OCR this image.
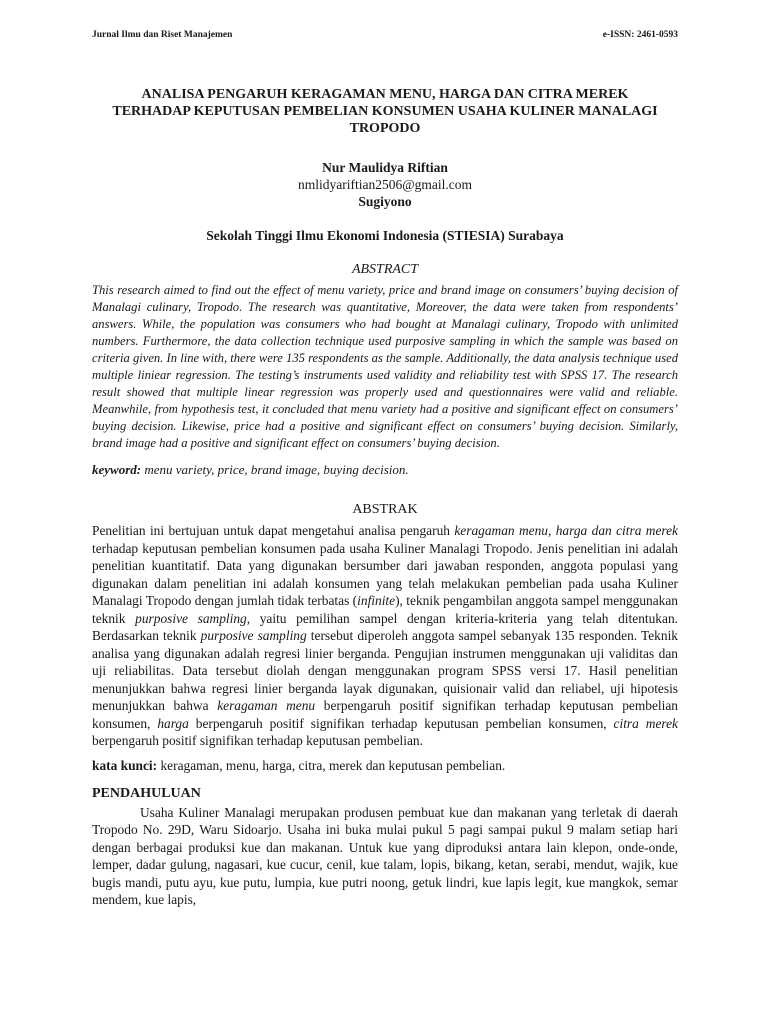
Jurnal Ilmu dan Riset Manajemen	e-ISSN: 2461-0593
ANALISA PENGARUH KERAGAMAN MENU, HARGA DAN CITRA MEREK
TERHADAP KEPUTUSAN PEMBELIAN KONSUMEN USAHA KULINER MANALAGI
TROPODO
Nur Maulidya Riftian
nmlidyariftian2506@gmail.com
Sugiyono
Sekolah Tinggi Ilmu Ekonomi Indonesia (STIESIA) Surabaya
ABSTRACT

This research aimed to find out the effect of menu variety, price and brand image on consumers’ buying decision of Manalagi culinary, Tropodo. The research was quantitative, Moreover, the data were taken from respondents’ answers. While, the population was consumers who had bought at Manalagi culinary, Tropodo with unlimited numbers. Furthermore, the data collection technique used purposive sampling in which the sample was based on criteria given. In line with, there were 135 respondents as the sample. Additionally, the data analysis technique used multiple liniear regression. The testing’s instruments used validity and reliability test with SPSS 17. The research result showed that multiple linear regression was properly used and questionnaires were valid and reliable. Meanwhile, from hypothesis test, it concluded that menu variety had a positive and significant effect on consumers’ buying decision. Likewise, price had a positive and significant effect on consumers’ buying decision. Similarly, brand image had a positive and significant effect on consumers’ buying decision.

keyword: menu variety, price, brand image, buying decision.
ABSTRAK

Penelitian ini bertujuan untuk dapat mengetahui analisa pengaruh keragaman menu, harga dan citra merek terhadap keputusan pembelian konsumen pada usaha Kuliner Manalagi Tropodo. Jenis penelitian ini adalah penelitian kuantitatif. Data yang digunakan bersumber dari jawaban responden, anggota populasi yang digunakan dalam penelitian ini adalah konsumen yang telah melakukan pembelian pada usaha Kuliner Manalagi Tropodo dengan jumlah tidak terbatas (infinite), teknik pengambilan anggota sampel menggunakan teknik purposive sampling, yaitu pemilihan sampel dengan kriteria-kriteria yang telah ditentukan. Berdasarkan teknik purposive sampling tersebut diperoleh anggota sampel sebanyak 135 responden. Teknik analisa yang digunakan adalah regresi linier berganda. Pengujian instrumen menggunakan uji validitas dan uji reliabilitas. Data tersebut diolah dengan menggunakan program SPSS versi 17. Hasil penelitian menunjukkan bahwa regresi linier berganda layak digunakan, quisionair valid dan reliabel, uji hipotesis menunjukkan bahwa keragaman menu berpengaruh positif signifikan terhadap keputusan pembelian konsumen, harga berpengaruh positif signifikan terhadap keputusan pembelian konsumen, citra merek berpengaruh positif signifikan terhadap keputusan pembelian.

kata kunci: keragaman, menu, harga, citra, merek dan keputusan pembelian.
PENDAHULUAN

Usaha Kuliner Manalagi merupakan produsen pembuat kue dan makanan yang terletak di daerah Tropodo No. 29D, Waru Sidoarjo. Usaha ini buka mulai pukul 5 pagi sampai pukul 9 malam setiap hari dengan berbagai produksi kue dan makanan. Untuk kue yang diproduksi antara lain klepon, onde-onde, lemper, dadar gulung, nagasari, kue cucur, cenil, kue talam, lopis, bikang, ketan, serabi, mendut, wajik, kue bugis mandi, putu ayu, kue putu, lumpia, kue putri noong, getuk lindri, kue lapis legit, kue mangkok, semar mendem, kue lapis,
